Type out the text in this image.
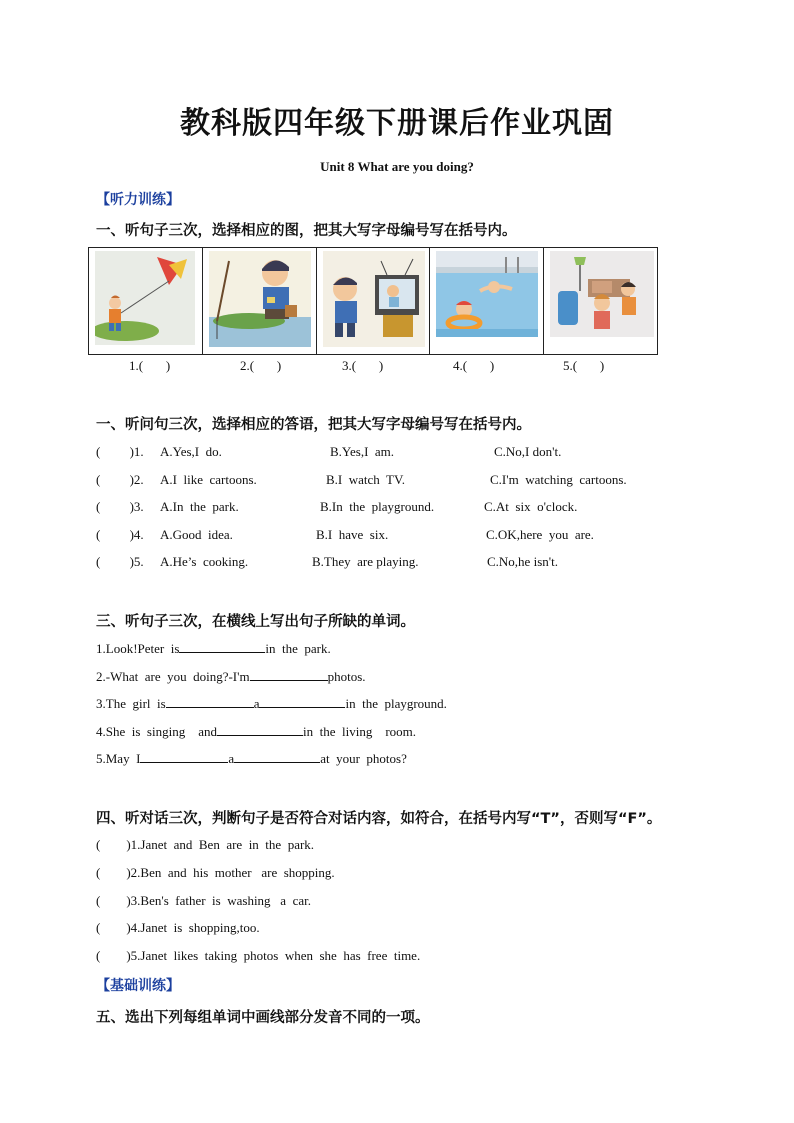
教科版四年级下册课后作业巩固
Unit 8 What are you doing?
【听力训练】
一、听句子三次，选择相应的图，把其大写字母编号写在括号内。
1.(       )	2.(       )	3.(       )	4.(       )	5.(       )
一、听问句三次，选择相应的答语，把其大写字母编号写在括号内。
(         )1. A.Yes,I  do.	B.Yes,I  am.	C.No,I don't.
(         )2. A.I  like  cartoons.	B.I  watch  TV.	C.I'm  watching  cartoons.
(         )3. A.In  the  park.	B.In  the  playground.	C.At  six  o'clock.
(         )4. A.Good  idea.	B.I  have  six.	C.OK,here  you  are.
(         )5. A.He’s  cooking.	B.They  are playing.	C.No,he isn't.
三、听句子三次，在横线上写出句子所缺的单词。
1.Look!Peter  is	in  the  park.
2.-What  are  you  doing?-I'm	photos.
3.The  girl  is	a	in  the  playground.
4.She  is  singing    and	in  the  living    room.
5.May  I	a	at  your  photos?
四、听对话三次，判断句子是否符合对话内容，如符合，在括号内写“T”，否则写“F”。
(        )1.Janet  and  Ben  are  in  the  park.
(        )2.Ben  and  his  mother   are  shopping.
(        )3.Ben's  father  is  washing   a  car.
(        )4.Janet  is  shopping,too.
(        )5.Janet  likes  taking  photos  when  she  has  free  time.
【基础训练】
五、选出下列每组单词中画线部分发音不同的一项。
